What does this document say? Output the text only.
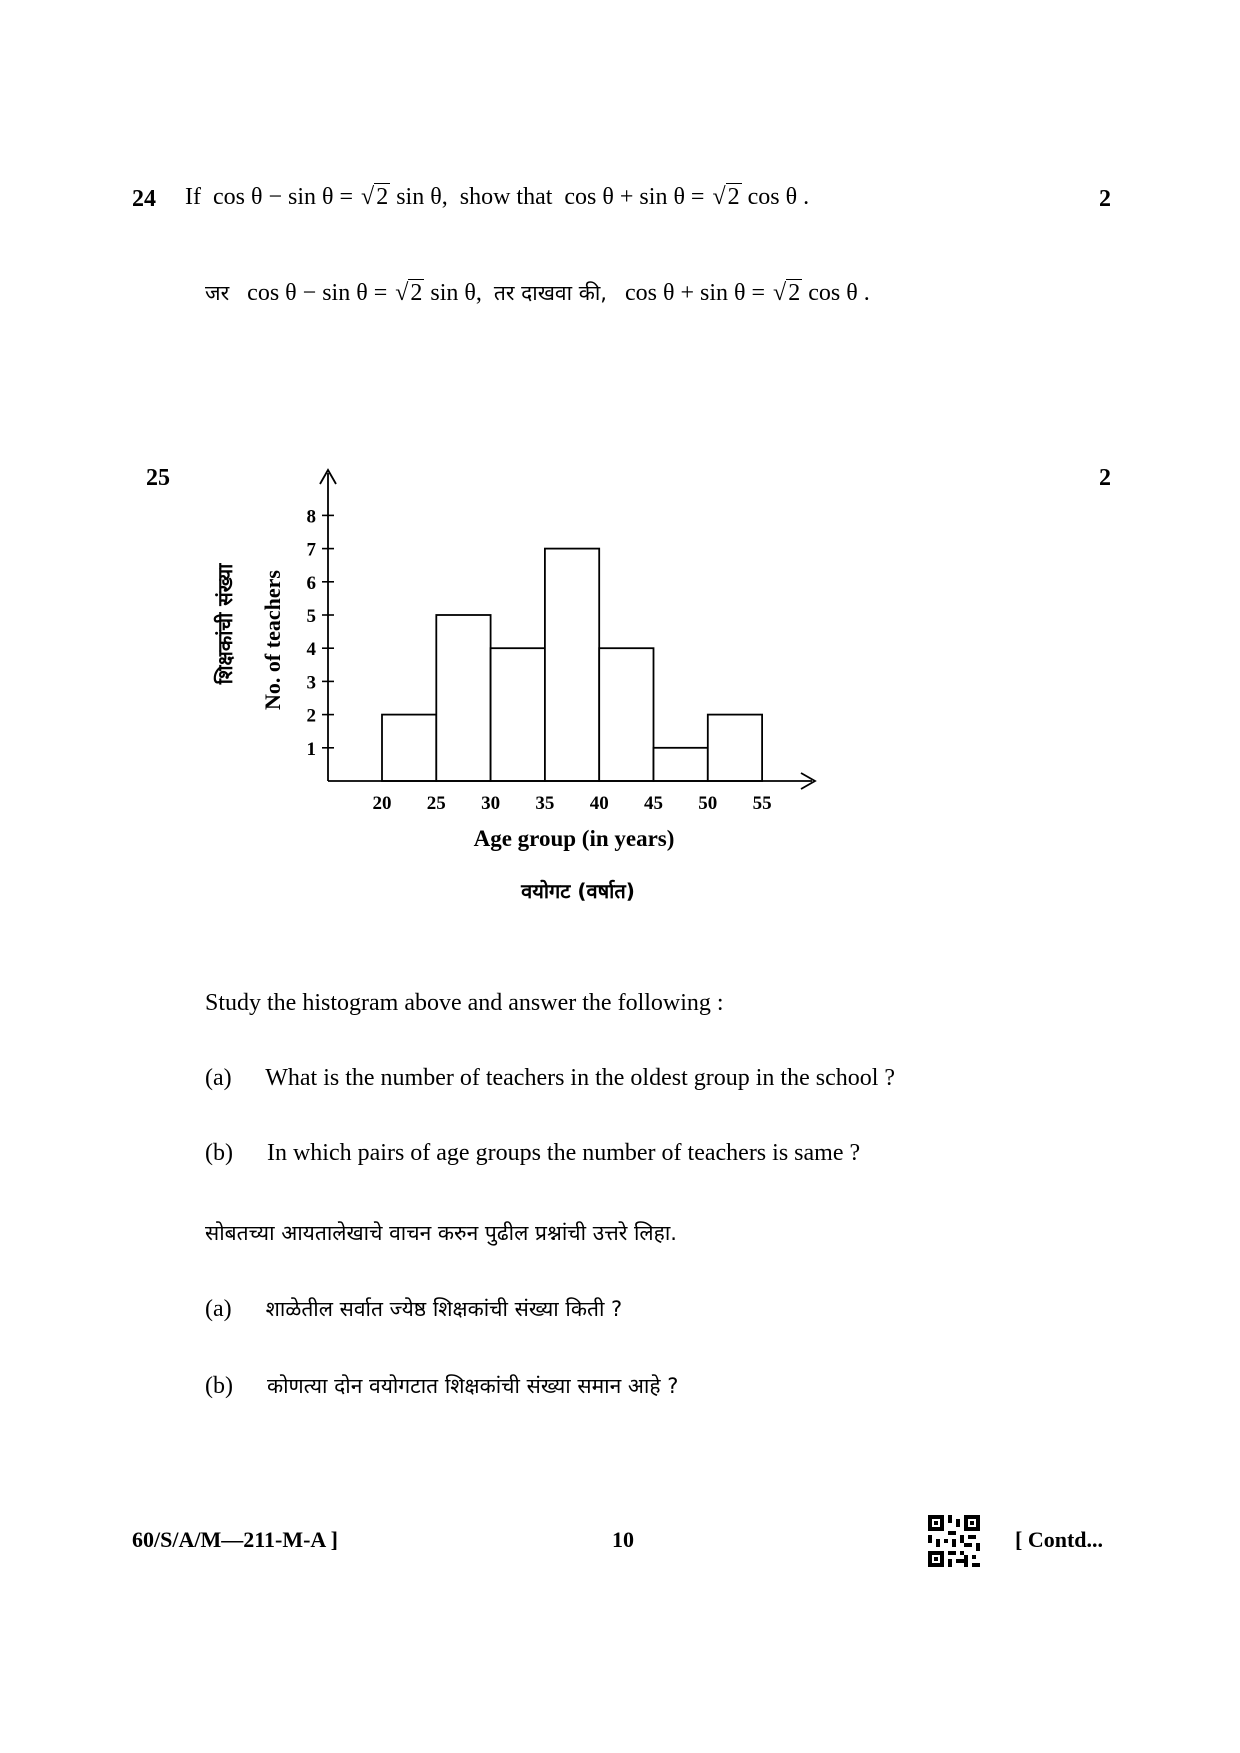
24 If cos θ − sin θ = √2 sin θ, show that cos θ + sin θ = √2 cos θ .	2
जर cos θ − sin θ = √2 sin θ, तर दाखवा की, cos θ + sin θ = √2 cos θ .
25	2
1
2
3
4
5
6
7
8
20 25 30 35 40 45 50 55
No. of teachers
शिक्षकांची संख्या
Age group (in years)
वयोगट (वर्षात)
Study the histogram above and answer the following :
(a) What is the number of teachers in the oldest group in the school ?
(b) In which pairs of age groups the number of teachers is same ?
सोबतच्या आयतालेखाचे वाचन करुन पुढील प्रश्नांची उत्तरे लिहा.
(a) शाळेतील सर्वात ज्येष्ठ शिक्षकांची संख्या किती ?
(b) कोणत्या दोन वयोगटात शिक्षकांची संख्या समान आहे ?
60/S/A/M—211-M-A ]	10	[ Contd...
